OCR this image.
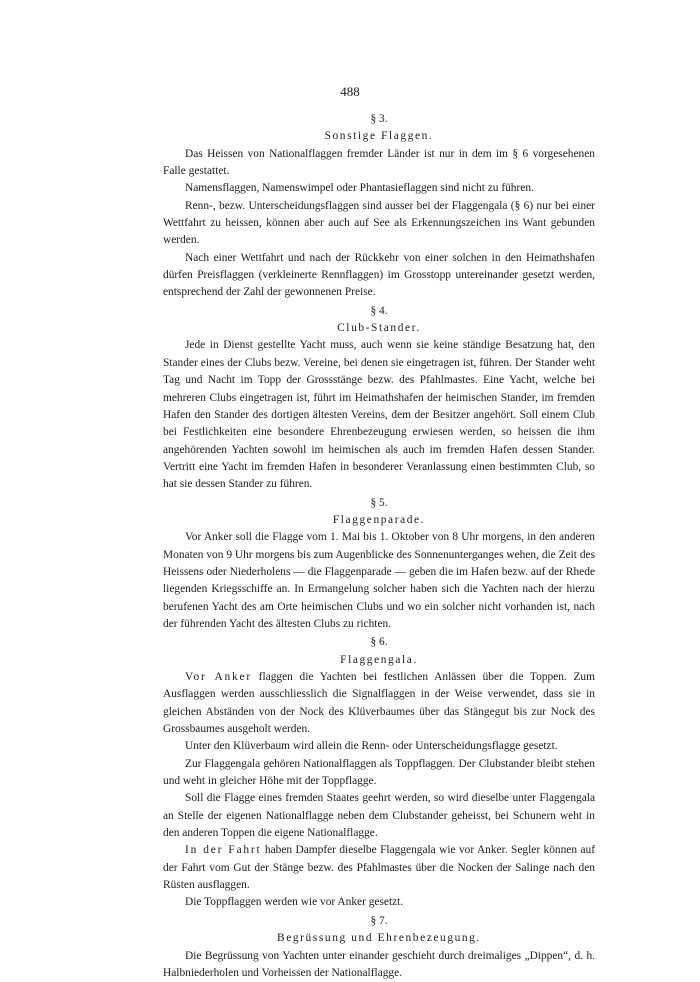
488
§ 3.
Sonstige Flaggen.

Das Heissen von Nationalflaggen fremder Länder ist nur in dem im § 6 vorgesehenen Falle gestattet.

Namensflaggen, Namenswimpel oder Phantasieflaggen sind nicht zu führen.

Renn-, bezw. Unterscheidungsflaggen sind ausser bei der Flaggengala (§ 6) nur bei einer Wettfahrt zu heissen, können aber auch auf See als Erkennungszeichen ins Want gebunden werden.

Nach einer Wettfahrt und nach der Rückkehr von einer solchen in den Heimathshafen dürfen Preisflaggen (verkleinerte Rennflaggen) im Grosstopp untereinander gesetzt werden, entsprechend der Zahl der gewonnenen Preise.

§ 4.
Club-Stander.

Jede in Dienst gestellte Yacht muss, auch wenn sie keine ständige Besatzung hat, den Stander eines der Clubs bezw. Vereine, bei denen sie eingetragen ist, führen. Der Stander weht Tag und Nacht im Topp der Grossstänge bezw. des Pfahlmastes. Eine Yacht, welche bei mehreren Clubs eingetragen ist, führt im Heimathshafen der heimischen Stander, im fremden Hafen den Stander des dortigen ältesten Vereins, dem der Besitzer angehört. Soll einem Club bei Festlichkeiten eine besondere Ehrenbezeugung erwiesen werden, so heissen die ihm angehörenden Yachten sowohl im heimischen als auch im fremden Hafen dessen Stander. Vertritt eine Yacht im fremden Hafen in besonderer Veranlassung einen bestimmten Club, so hat sie dessen Stander zu führen.

§ 5.
Flaggenparade.

Vor Anker soll die Flagge vom 1. Mai bis 1. Oktober von 8 Uhr morgens, in den anderen Monaten von 9 Uhr morgens bis zum Augenblicke des Sonnenunterganges wehen, die Zeit des Heissens oder Niederholens — die Flaggenparade — geben die im Hafen bezw. auf der Rhede liegenden Kriegsschiffe an. In Ermangelung solcher haben sich die Yachten nach der hierzu berufenen Yacht des am Orte heimischen Clubs und wo ein solcher nicht vorhanden ist, nach der führenden Yacht des ältesten Clubs zu richten.

§ 6.
Flaggengala.

Vor Anker flaggen die Yachten bei festlichen Anlässen über die Toppen. Zum Ausflaggen werden ausschliesslich die Signalflaggen in der Weise verwendet, dass sie in gleichen Abständen von der Nock des Klüverbaumes über das Stängegut bis zur Nock des Grossbaumes ausgeholt werden.

Unter den Klüverbaum wird allein die Renn- oder Unterscheidungsflagge gesetzt.

Zur Flaggengala gehören Nationalflaggen als Toppflaggen. Der Clubstander bleibt stehen und weht in gleicher Höhe mit der Toppflagge.

Soll die Flagge eines fremden Staates geehrt werden, so wird dieselbe unter Flaggengala an Stelle der eigenen Nationalflagge neben dem Clubstander geheisst, bei Schunern weht in den anderen Toppen die eigene Nationalflagge.

In der Fahrt haben Dampfer dieselbe Flaggengala wie vor Anker. Segler können auf der Fahrt vom Gut der Stänge bezw. des Pfahlmastes über die Nocken der Salinge nach den Rüsten ausflaggen.

Die Toppflaggen werden wie vor Anker gesetzt.

§ 7.
Begrüssung und Ehrenbezeugung.

Die Begrüssung von Yachten unter einander geschieht durch dreimaliges „Dippen“, d. h. Halbniederholen und Vorheissen der Nationalflagge.
